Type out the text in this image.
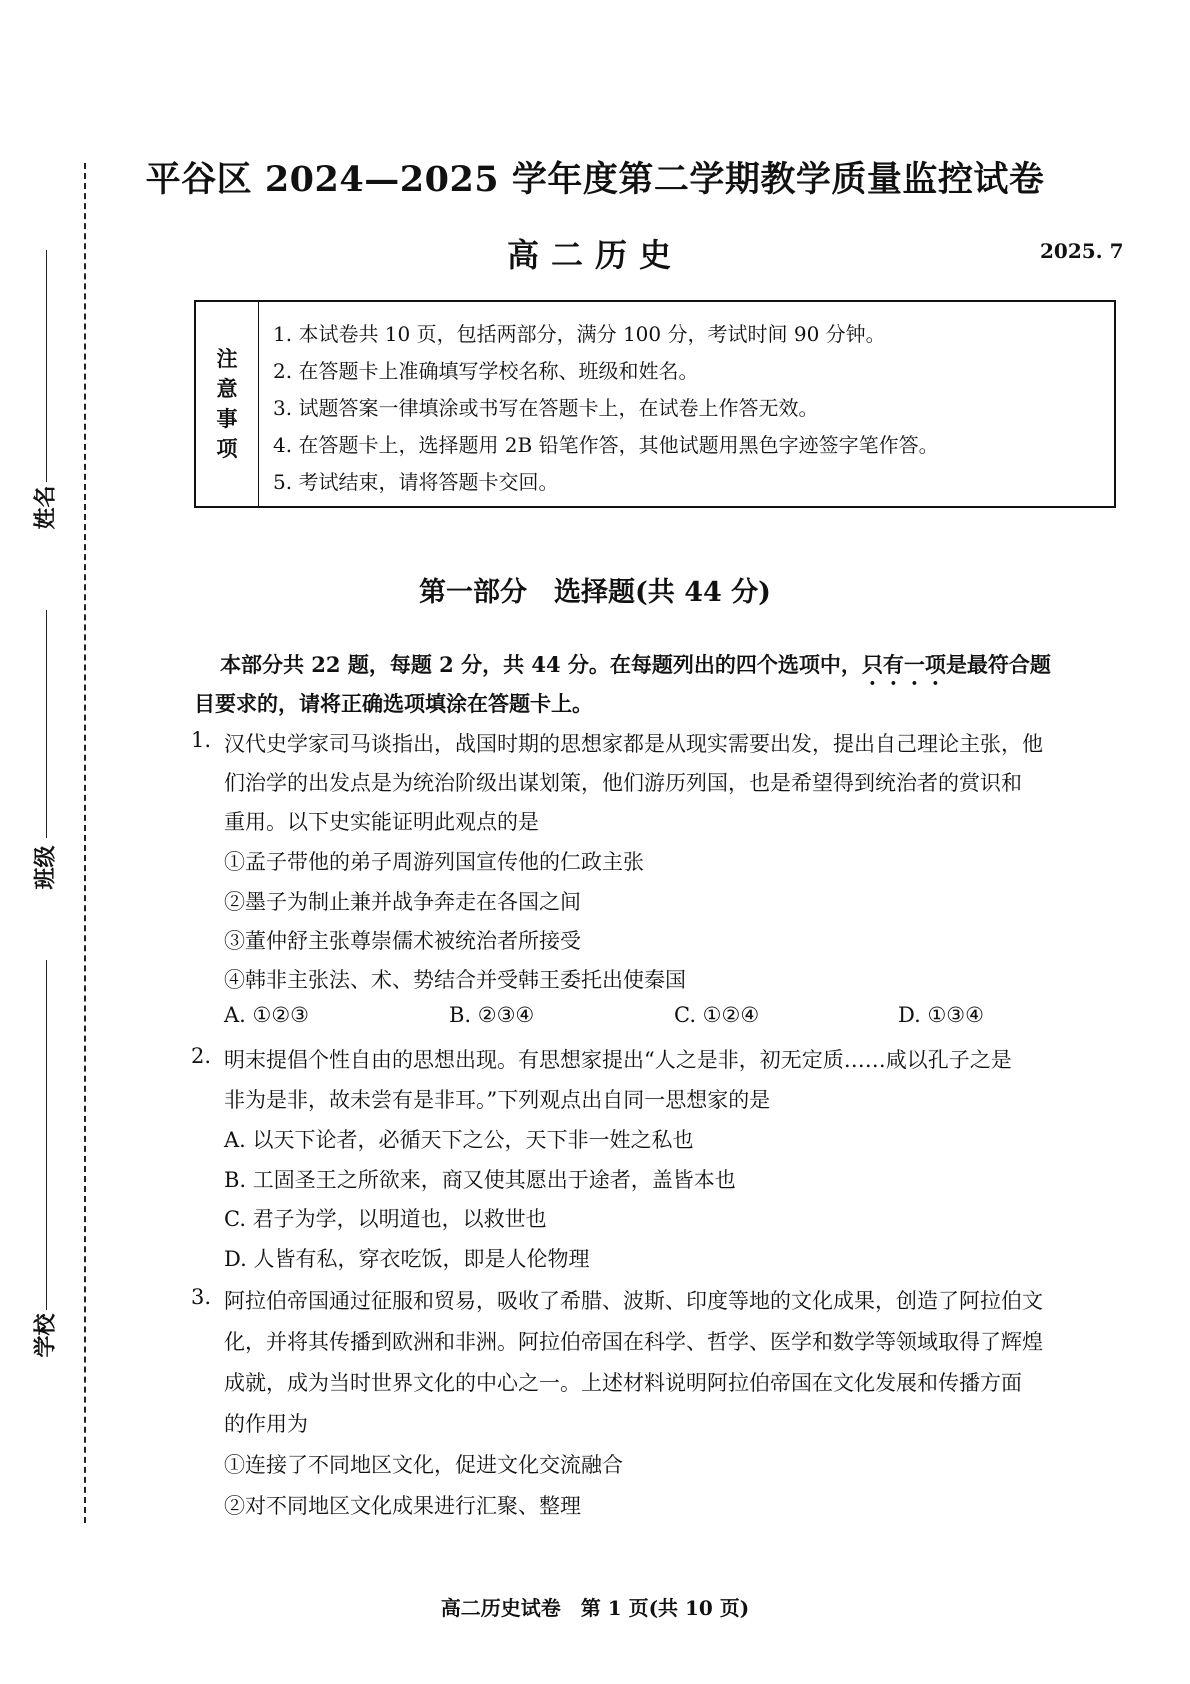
姓名
班级
学校
平谷区 2024—2025 学年度第二学期教学质量监控试卷
高二历史	2025. 7
注
意
事
项
1. 本试卷共 10 页，包括两部分，满分 100 分，考试时间 90 分钟。
2. 在答题卡上准确填写学校名称、班级和姓名。
3. 试题答案一律填涂或书写在答题卡上，在试卷上作答无效。
4. 在答题卡上，选择题用 2B 铅笔作答，其他试题用黑色字迹签字笔作答。
5. 考试结束，请将答题卡交回。
第一部分　选择题(共 44 分)
本部分共 22 题，每题 2 分，共 44 分。在每题列出的四个选项中，只有一项是最符合题
目要求的，请将正确选项填涂在答题卡上。
1. 汉代史学家司马谈指出，战国时期的思想家都是从现实需要出发，提出自己理论主张，他
们治学的出发点是为统治阶级出谋划策，他们游历列国，也是希望得到统治者的赏识和
重用。以下史实能证明此观点的是
①孟子带他的弟子周游列国宣传他的仁政主张
②墨子为制止兼并战争奔走在各国之间
③董仲舒主张尊崇儒术被统治者所接受
④韩非主张法、术、势结合并受韩王委托出使秦国
A. ①②③	B. ②③④	C. ①②④	D. ①③④
2. 明末提倡个性自由的思想出现。有思想家提出“人之是非，初无定质……咸以孔子之是
非为是非，故未尝有是非耳。”下列观点出自同一思想家的是
A. 以天下论者，必循天下之公，天下非一姓之私也
B. 工固圣王之所欲来，商又使其愿出于途者，盖皆本也
C. 君子为学，以明道也，以救世也
D. 人皆有私，穿衣吃饭，即是人伦物理
3. 阿拉伯帝国通过征服和贸易，吸收了希腊、波斯、印度等地的文化成果，创造了阿拉伯文
化，并将其传播到欧洲和非洲。阿拉伯帝国在科学、哲学、医学和数学等领域取得了辉煌
成就，成为当时世界文化的中心之一。上述材料说明阿拉伯帝国在文化发展和传播方面
的作用为
①连接了不同地区文化，促进文化交流融合
②对不同地区文化成果进行汇聚、整理
高二历史试卷　第 1 页(共 10 页)
